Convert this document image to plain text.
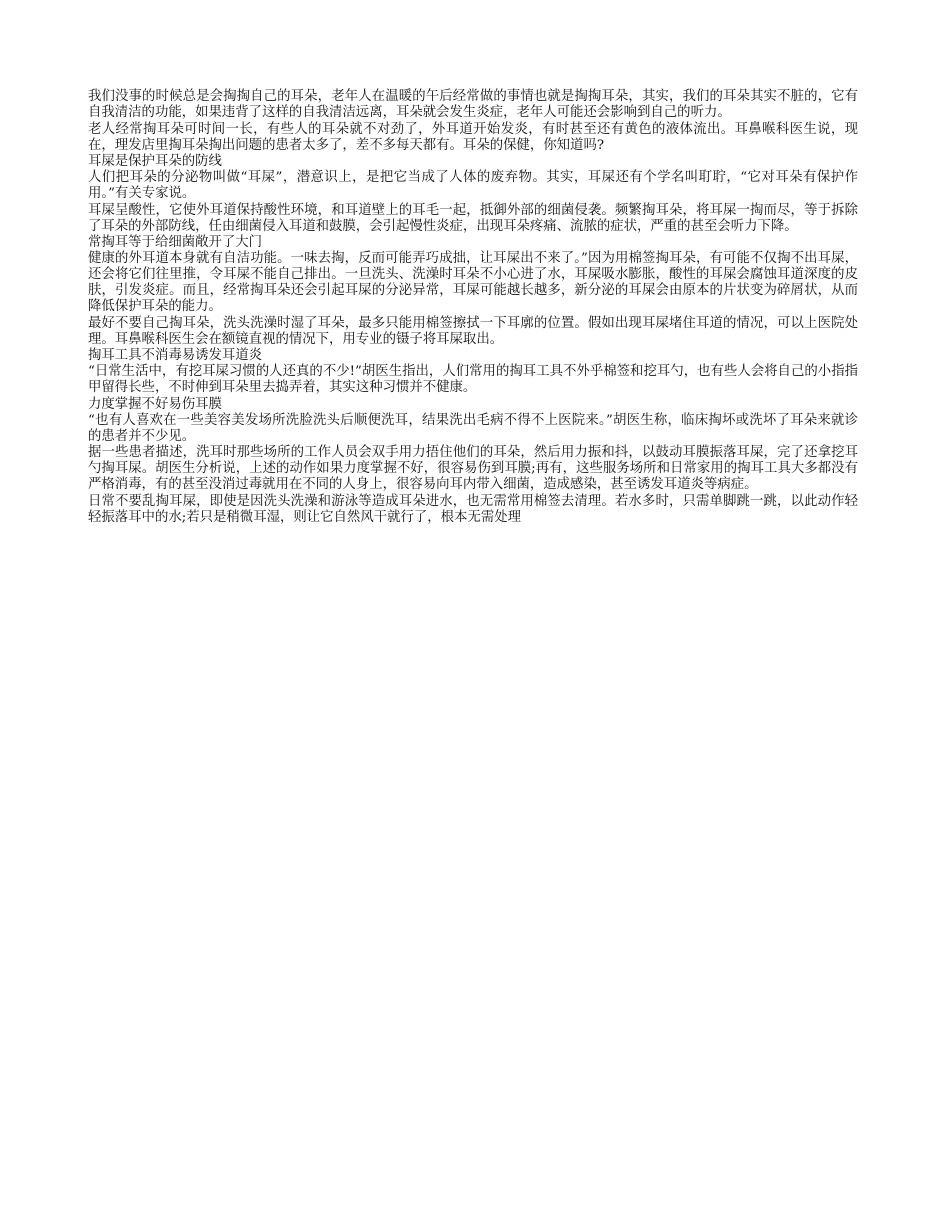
我们没事的时候总是会掏掏自己的耳朵，老年人在温暖的午后经常做的事情也就是掏掏耳朵，其实，我们的耳朵其实不脏的，它有自我清洁的功能，如果违背了这样的自我清洁远离，耳朵就会发生炎症，老年人可能还会影响到自己的听力。

老人经常掏耳朵可时间一长，有些人的耳朵就不对劲了，外耳道开始发炎，有时甚至还有黄色的液体流出。耳鼻喉科医生说，现在，理发店里掏耳朵掏出问题的患者太多了，差不多每天都有。耳朵的保健，你知道吗?

耳屎是保护耳朵的防线

人们把耳朵的分泌物叫做“耳屎”，潜意识上，是把它当成了人体的废弃物。其实，耳屎还有个学名叫耵聍，“它对耳朵有保护作用。”有关专家说。

耳屎呈酸性，它使外耳道保持酸性环境，和耳道壁上的耳毛一起，抵御外部的细菌侵袭。频繁掏耳朵，将耳屎一掏而尽，等于拆除了耳朵的外部防线，任由细菌侵入耳道和鼓膜，会引起慢性炎症，出现耳朵疼痛、流脓的症状，严重的甚至会听力下降。

常掏耳等于给细菌敞开了大门

健康的外耳道本身就有自洁功能。一味去掏，反而可能弄巧成拙，让耳屎出不来了。”因为用棉签掏耳朵，有可能不仅掏不出耳屎，还会将它们往里推，令耳屎不能自己排出。一旦洗头、洗澡时耳朵不小心进了水，耳屎吸水膨胀，酸性的耳屎会腐蚀耳道深度的皮肤，引发炎症。而且，经常掏耳朵还会引起耳屎的分泌异常，耳屎可能越长越多，新分泌的耳屎会由原本的片状变为碎屑状，从而降低保护耳朵的能力。

最好不要自己掏耳朵，洗头洗澡时湿了耳朵，最多只能用棉签擦拭一下耳廓的位置。假如出现耳屎堵住耳道的情况，可以上医院处理。耳鼻喉科医生会在额镜直视的情况下，用专业的镊子将耳屎取出。

掏耳工具不消毒易诱发耳道炎

“日常生活中，有挖耳屎习惯的人还真的不少!”胡医生指出，人们常用的掏耳工具不外乎棉签和挖耳勺，也有些人会将自己的小指指甲留得长些，不时伸到耳朵里去捣弄着，其实这种习惯并不健康。

力度掌握不好易伤耳膜

“也有人喜欢在一些美容美发场所洗脸洗头后顺便洗耳，结果洗出毛病不得不上医院来。”胡医生称，临床掏坏或洗坏了耳朵来就诊的患者并不少见。

据一些患者描述，洗耳时那些场所的工作人员会双手用力捂住他们的耳朵，然后用力振和抖，以鼓动耳膜振落耳屎，完了还拿挖耳勺掏耳屎。胡医生分析说，上述的动作如果力度掌握不好，很容易伤到耳膜;再有，这些服务场所和日常家用的掏耳工具大多都没有严格消毒，有的甚至没消过毒就用在不同的人身上，很容易向耳内带入细菌，造成感染，甚至诱发耳道炎等病症。

日常不要乱掏耳屎，即使是因洗头洗澡和游泳等造成耳朵进水，也无需常用棉签去清理。若水多时，只需单脚跳一跳，以此动作轻轻振落耳中的水;若只是稍微耳湿，则让它自然风干就行了，根本无需处理
